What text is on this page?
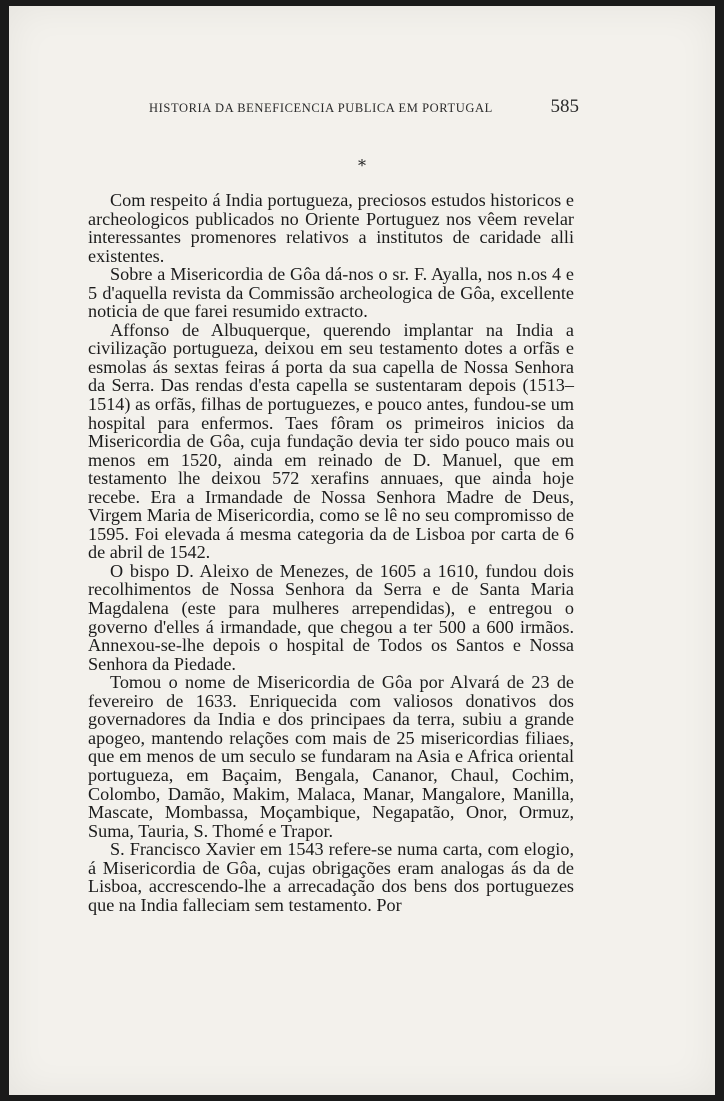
HISTORIA DA BENEFICENCIA PUBLICA EM PORTUGAL	585
*

Com respeito á India portugueza, preciosos estudos historicos e archeologicos publicados no Oriente Portuguez nos vêem revelar interessantes promenores relativos a institutos de caridade alli existentes.

Sobre a Misericordia de Gôa dá-nos o sr. F. Ayalla, nos n.os 4 e 5 d'aquella revista da Commissão archeologica de Gôa, excellente noticia de que farei resumido extracto.

Affonso de Albuquerque, querendo implantar na India a civilização portugueza, deixou em seu testamento dotes a orfãs e esmolas ás sextas feiras á porta da sua capella de Nossa Senhora da Serra. Das rendas d'esta capella se sustentaram depois (1513–1514) as orfãs, filhas de portuguezes, e pouco antes, fundou-se um hospital para enfermos. Taes fôram os primeiros inicios da Misericordia de Gôa, cuja fundação devia ter sido pouco mais ou menos em 1520, ainda em reinado de D. Manuel, que em testamento lhe deixou 572 xerafins annuaes, que ainda hoje recebe. Era a Irmandade de Nossa Senhora Madre de Deus, Virgem Maria de Misericordia, como se lê no seu compromisso de 1595. Foi elevada á mesma categoria da de Lisboa por carta de 6 de abril de 1542.

O bispo D. Aleixo de Menezes, de 1605 a 1610, fundou dois recolhimentos de Nossa Senhora da Serra e de Santa Maria Magdalena (este para mulheres arrependidas), e entregou o governo d'elles á irmandade, que chegou a ter 500 a 600 irmãos. Annexou-se-lhe depois o hospital de Todos os Santos e Nossa Senhora da Piedade.

Tomou o nome de Misericordia de Gôa por Alvará de 23 de fevereiro de 1633. Enriquecida com valiosos donativos dos governadores da India e dos principaes da terra, subiu a grande apogeo, mantendo relações com mais de 25 misericordias filiaes, que em menos de um seculo se fundaram na Asia e Africa oriental portugueza, em Baçaim, Bengala, Cananor, Chaul, Cochim, Colombo, Damão, Makim, Malaca, Manar, Mangalore, Manilla, Mascate, Mombassa, Moçambique, Negapatão, Onor, Ormuz, Suma, Tauria, S. Thomé e Trapor.

S. Francisco Xavier em 1543 refere-se numa carta, com elogio, á Misericordia de Gôa, cujas obrigações eram analogas ás da de Lisboa, accrescendo-lhe a arrecadação dos bens dos portuguezes que na India falleciam sem testamento. Por
